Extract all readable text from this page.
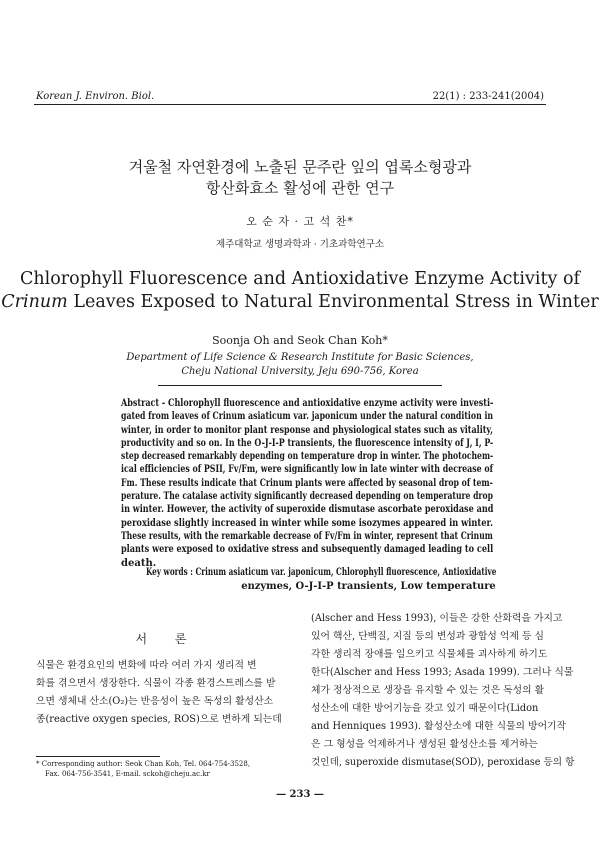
Korean J. Environ. Biol.	22(1) : 233-241(2004)
겨울철 자연환경에 노출된 문주란 잎의 엽록소형광과
항산화효소 활성에 관한 연구
오 순 자 · 고 석 찬*
제주대학교 생명과학과 · 기초과학연구소
Chlorophyll Fluorescence and Antioxidative Enzyme Activity of
Crinum Leaves Exposed to Natural Environmental Stress in Winter
Soonja Oh and Seok Chan Koh*
Department of Life Science & Research Institute for Basic Sciences,
Cheju National University, Jeju 690-756, Korea
Abstract - Chlorophyll fluorescence and antioxidative enzyme activity were investi-
gated from leaves of Crinum asiaticum var. japonicum under the natural condition in
winter, in order to monitor plant response and physiological states such as vitality,
productivity and so on. In the O-J-I-P transients, the fluorescence intensity of J, I, P-
step decreased remarkably depending on temperature drop in winter. The photochem-
ical efficiencies of PSII, Fv/Fm, were significantly low in late winter with decrease of
Fm. These results indicate that Crinum plants were affected by seasonal drop of tem-
perature. The catalase activity significantly decreased depending on temperature drop
in winter. However, the activity of superoxide dismutase ascorbate peroxidase and
peroxidase slightly increased in winter while some isozymes appeared in winter.
These results, with the remarkable decrease of Fv/Fm in winter, represent that Crinum
plants were exposed to oxidative stress and subsequently damaged leading to cell
death.
Key words : Crinum asiaticum var. japonicum, Chlorophyll fluorescence, Antioxidative
enzymes, O-J-I-P transients, Low temperature
서 론
식물은 환경요인의 변화에 따라 여러 가지 생리적 변
화를 겪으면서 생장한다. 식물이 각종 환경스트레스를 받
으면 생체내 산소(O₂)는 반응성이 높은 독성의 활성산소
종(reactive oxygen species, ROS)으로 변하게 되는데
(Alscher and Hess 1993), 이들은 강한 산화력을 가지고
있어 핵산, 단백질, 지질 등의 변성과 광합성 억제 등 심
각한 생리적 장애를 일으키고 식물체를 괴사하게 하기도
한다(Alscher and Hess 1993; Asada 1999). 그러나 식물
체가 정상적으로 생장을 유지할 수 있는 것은 독성의 활
성산소에 대한 방어기능을 갖고 있기 때문이다(Lidon
and Henniques 1993). 활성산소에 대한 식물의 방어기작
은 그 형성을 억제하거나 생성된 활성산소를 제거하는
것인데, superoxide dismutase(SOD), peroxidase 등의 항
* Corresponding author: Seok Chan Koh, Tel. 064-754-3528,
Fax. 064-756-3541, E-mail. sckoh@cheju.ac.kr
— 233 —
